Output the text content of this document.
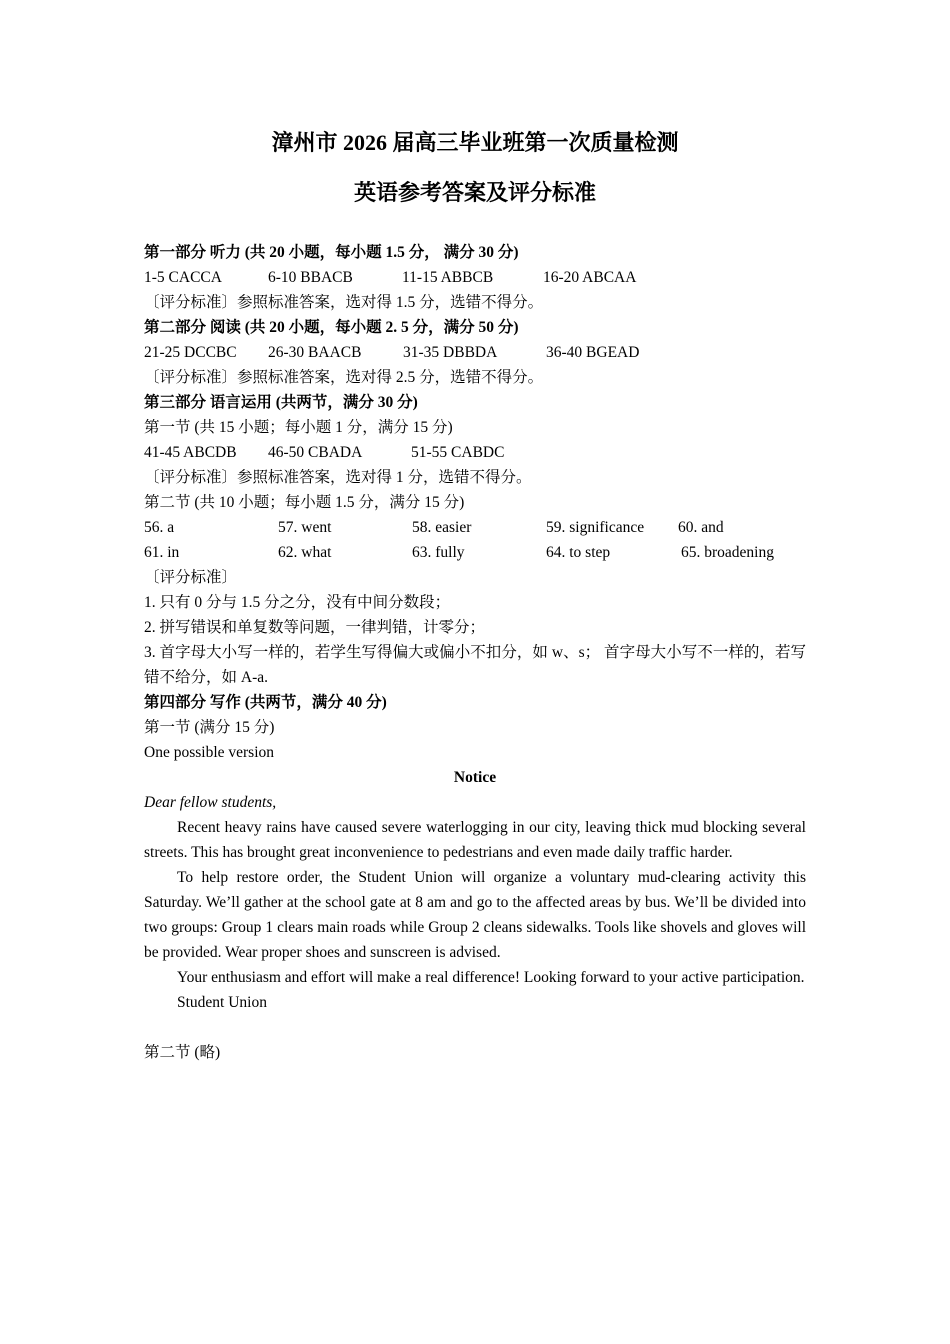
漳州市 2026 届高三毕业班第一次质量检测
英语参考答案及评分标准
第一部分 听力 (共 20 小题，每小题 1.5 分， 满分 30 分)
1-5 CACCA	6-10 BBACB	11-15 ABBCB	16-20 ABCAA
〔评分标准〕参照标准答案，选对得 1.5 分，选错不得分。
第二部分 阅读 (共 20 小题，每小题 2. 5 分，满分 50 分)
21-25 DCCBC	26-30 BAACB	31-35 DBBDA	36-40 BGEAD
〔评分标准〕参照标准答案，选对得 2.5 分，选错不得分。
第三部分 语言运用 (共两节，满分 30 分)
第一节 (共 15 小题；每小题 1 分，满分 15 分)
41-45 ABCDB	46-50 CBADA	51-55 CABDC
〔评分标准〕参照标准答案，选对得 1 分，选错不得分。
第二节 (共 10 小题；每小题 1.5 分，满分 15 分)
56. a	57. went	58. easier	59. significance	60. and
61. in	62. what	63. fully	64. to step	65. broadening
〔评分标准〕
1. 只有 0 分与 1.5 分之分，没有中间分数段；
2. 拼写错误和单复数等问题，一律判错，计零分；
3. 首字母大小写一样的，若学生写得偏大或偏小不扣分，如 w、s； 首字母大小写不一样的，若写错不给分，如 A-a.
第四部分 写作 (共两节，满分 40 分)
第一节 (满分 15 分)
One possible version
Notice
Dear fellow students,
Recent heavy rains have caused severe waterlogging in our city, leaving thick mud blocking several streets. This has brought great inconvenience to pedestrians and even made daily traffic harder.
To help restore order, the Student Union will organize a voluntary mud-clearing activity this Saturday. We’ll gather at the school gate at 8 am and go to the affected areas by bus. We’ll be divided into two groups: Group 1 clears main roads while Group 2 cleans sidewalks. Tools like shovels and gloves will be provided. Wear proper shoes and sunscreen is advised.
Your enthusiasm and effort will make a real difference! Looking forward to your active participation.
Student Union
第二节 (略)
